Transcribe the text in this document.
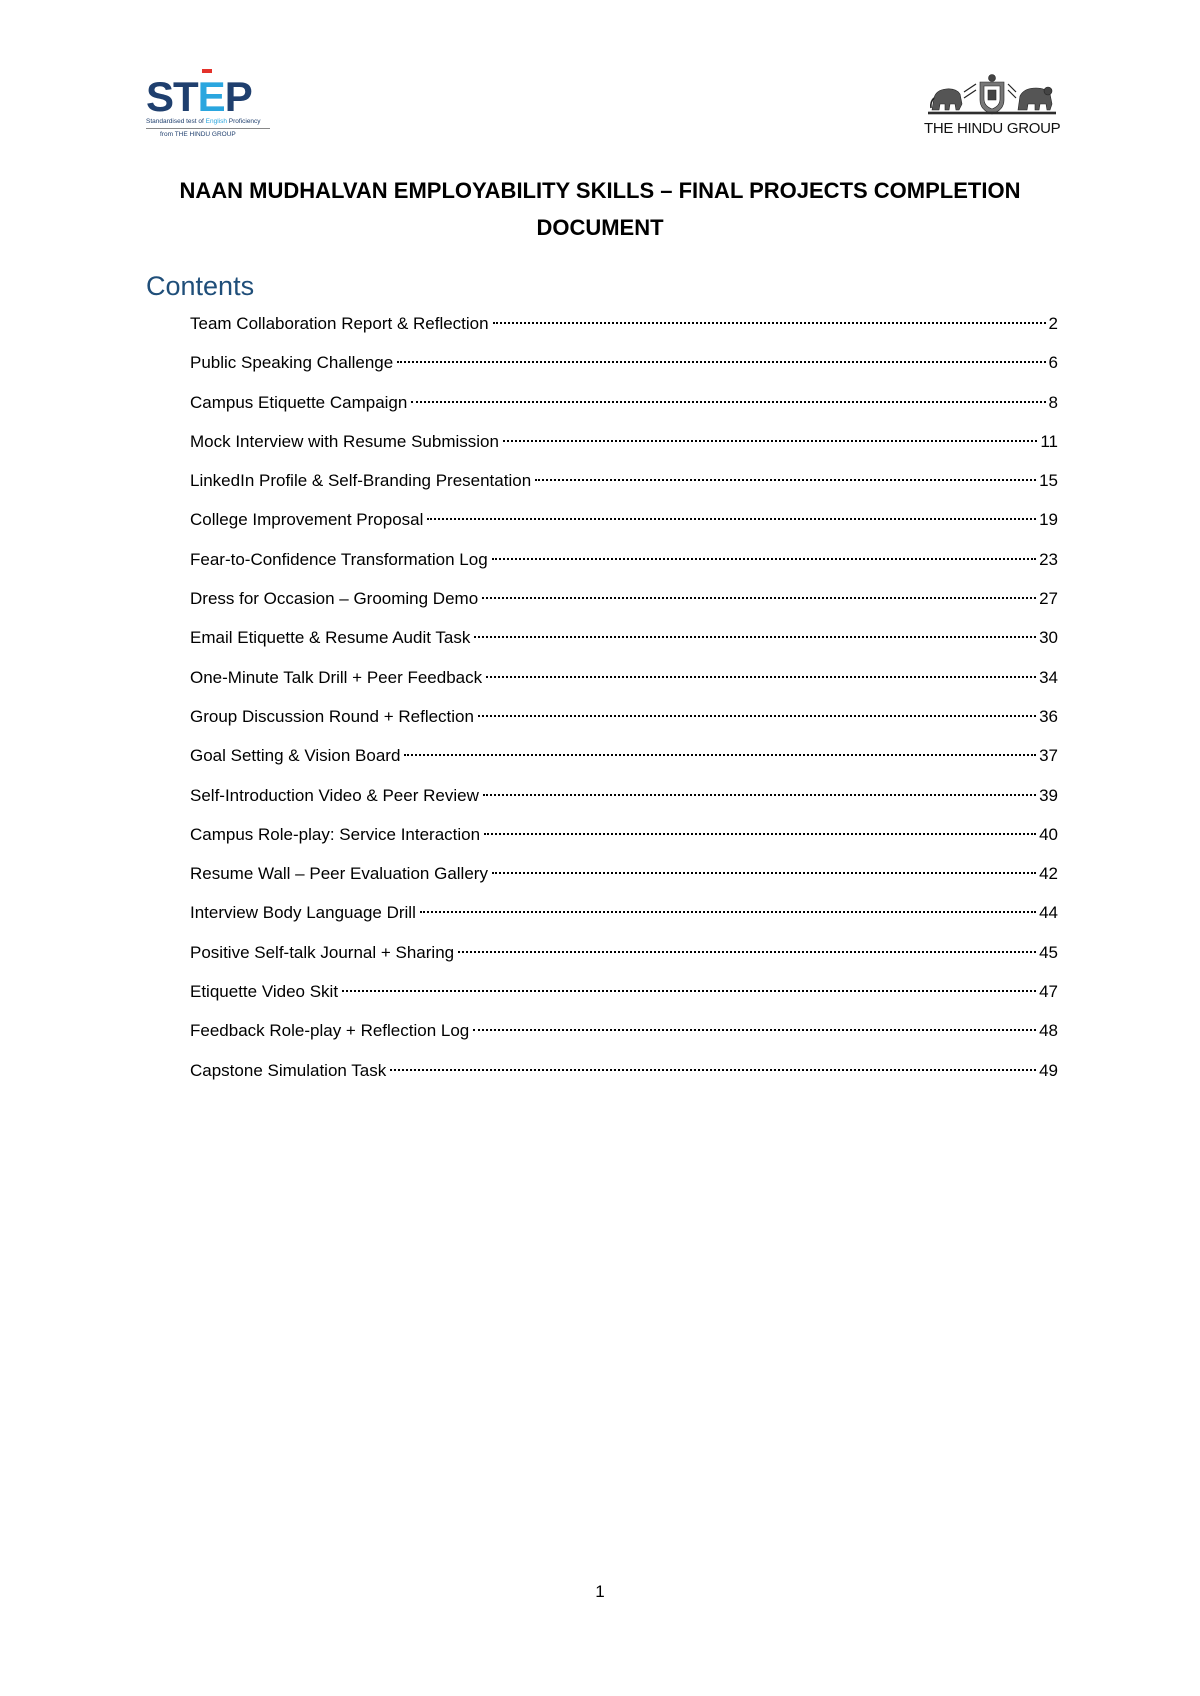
STEP
Standardised test of English Proficiency
from THE HINDU GROUP	THE HINDU GROUP
NAAN MUDHALVAN EMPLOYABILITY SKILLS – FINAL PROJECTS COMPLETION DOCUMENT
Contents
Team Collaboration Report & Reflection	2
Public Speaking Challenge	6
Campus Etiquette Campaign	8
Mock Interview with Resume Submission	11
LinkedIn Profile & Self-Branding Presentation	15
College Improvement Proposal	19
Fear-to-Confidence Transformation Log	23
Dress for Occasion – Grooming Demo	27
Email Etiquette & Resume Audit Task	30
One-Minute Talk Drill + Peer Feedback	34
Group Discussion Round + Reflection	36
Goal Setting & Vision Board	37
Self-Introduction Video & Peer Review	39
Campus Role-play: Service Interaction	40
Resume Wall – Peer Evaluation Gallery	42
Interview Body Language Drill	44
Positive Self-talk Journal + Sharing	45
Etiquette Video Skit	47
Feedback Role-play + Reflection Log	48
Capstone Simulation Task	49
1
